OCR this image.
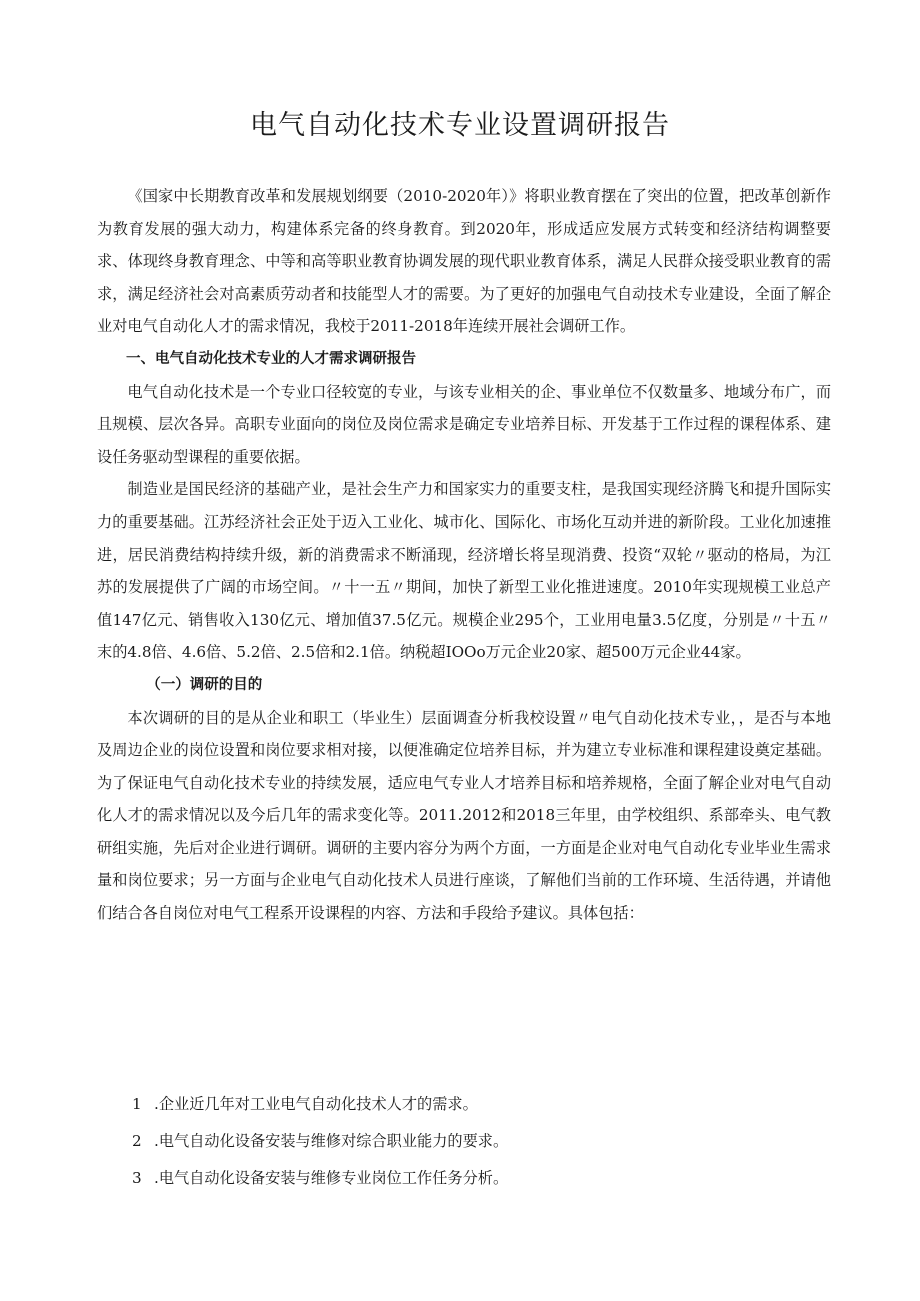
电气自动化技术专业设置调研报告

《国家中长期教育改革和发展规划纲要（2010-2020年）》将职业教育摆在了突出的位置，把改革创新作为教育发展的强大动力，构建体系完备的终身教育。到2020年，形成适应发展方式转变和经济结构调整要求、体现终身教育理念、中等和高等职业教育协调发展的现代职业教育体系，满足人民群众接受职业教育的需求，满足经济社会对高素质劳动者和技能型人才的需要。为了更好的加强电气自动技术专业建设，全面了解企业对电气自动化人才的需求情况，我校于2011-2018年连续开展社会调研工作。

一、电气自动化技术专业的人才需求调研报告

电气自动化技术是一个专业口径较宽的专业，与该专业相关的企、事业单位不仅数量多、地域分布广，而且规模、层次各异。高职专业面向的岗位及岗位需求是确定专业培养目标、开发基于工作过程的课程体系、建设任务驱动型课程的重要依据。

制造业是国民经济的基础产业，是社会生产力和国家实力的重要支柱，是我国实现经济腾飞和提升国际实力的重要基础。江苏经济社会正处于迈入工业化、城市化、国际化、市场化互动并进的新阶段。工业化加速推进，居民消费结构持续升级，新的消费需求不断涌现，经济增长将呈现消费、投资“双轮〃驱动的格局，为江苏的发展提供了广阔的市场空间。〃十一五〃期间，加快了新型工业化推进速度。2010年实现规模工业总产值147亿元、销售收入130亿元、增加值37.5亿元。规模企业295个，工业用电量3.5亿度，分别是〃十五〃末的4.8倍、4.6倍、5.2倍、2.5倍和2.1倍。纳税超IOOo万元企业20家、超500万元企业44家。

（一）调研的目的

本次调研的目的是从企业和职工（毕业生）层面调查分析我校设置〃电气自动化技术专业，，是否与本地及周边企业的岗位设置和岗位要求相对接，以便准确定位培养目标，并为建立专业标准和课程建设奠定基础。为了保证电气自动化技术专业的持续发展，适应电气专业人才培养目标和培养规格，全面了解企业对电气自动化人才的需求情况以及今后几年的需求变化等。2011.2012和2018三年里，由学校组织、系部牵头、电气教研组实施，先后对企业进行调研。调研的主要内容分为两个方面，一方面是企业对电气自动化专业毕业生需求量和岗位要求；另一方面与企业电气自动化技术人员进行座谈，了解他们当前的工作环境、生活待遇，并请他们结合各自岗位对电气工程系开设课程的内容、方法和手段给予建议。具体包括：

1 .企业近几年对工业电气自动化技术人才的需求。
2 .电气自动化设备安装与维修对综合职业能力的要求。
3 .电气自动化设备安装与维修专业岗位工作任务分析。
